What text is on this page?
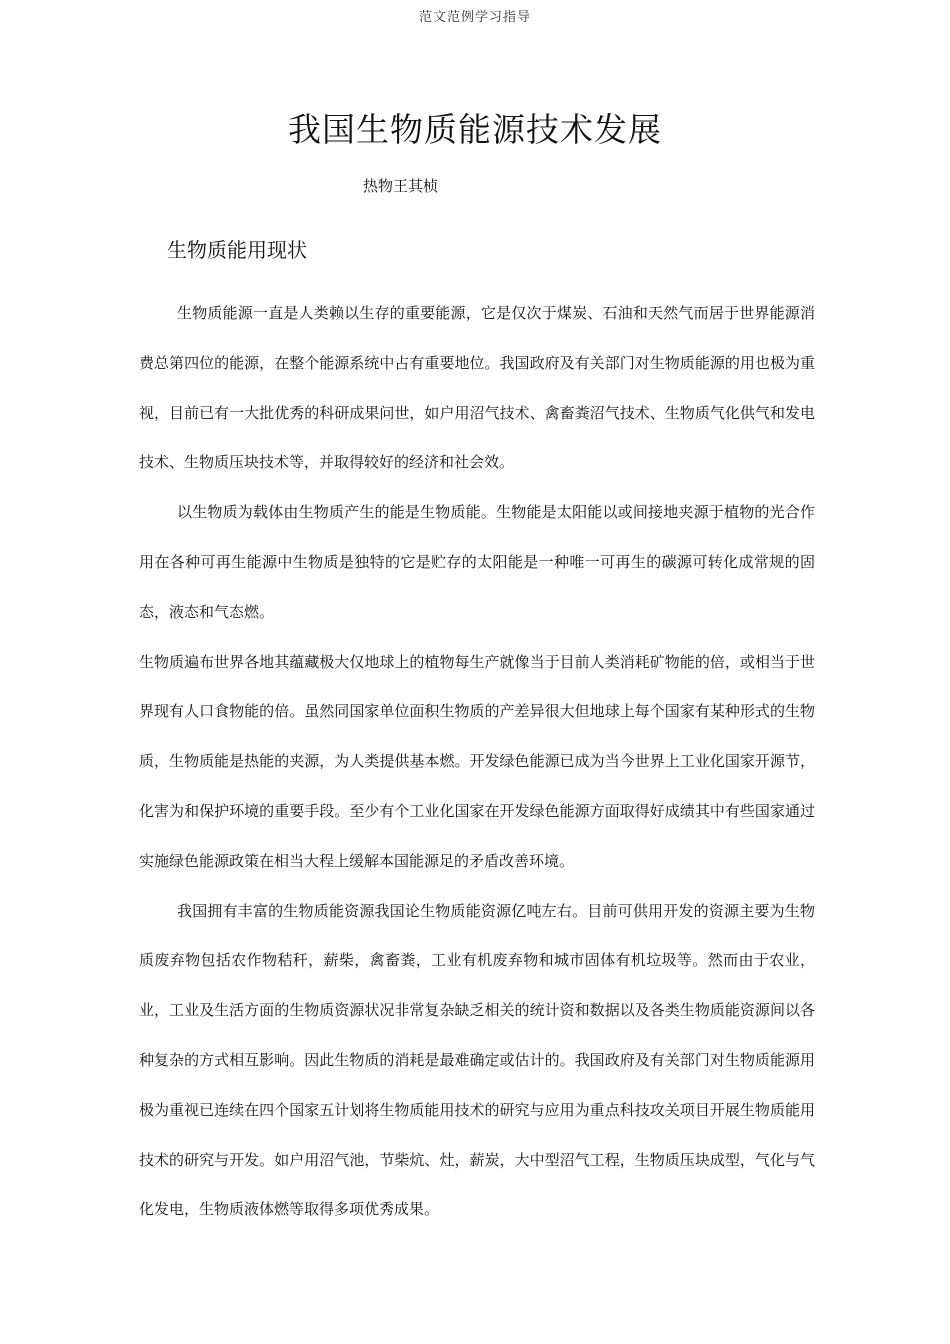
范文范例学习指导
我国生物质能源技术发展
热物王其桢
生物质能用现状

生物质能源一直是人类赖以生存的重要能源，它是仅次于煤炭、石油和天然气而居于世界能源消费总第四位的能源，在整个能源系统中占有重要地位。我国政府及有关部门对生物质能源的用也极为重视，目前已有一大批优秀的科研成果问世，如户用沼气技术、禽畜粪沼气技术、生物质气化供气和发电技术、生物质压块技术等，并取得较好的经济和社会效。

以生物质为载体由生物质产生的能是生物质能。生物能是太阳能以或间接地夹源于植物的光合作用在各种可再生能源中生物质是独特的它是贮存的太阳能是一种唯一可再生的碳源可转化成常规的固态，液态和气态燃。

生物质遍布世界各地其蕴藏极大仅地球上的植物每生产就像当于目前人类消耗矿物能的倍，或相当于世界现有人口食物能的倍。虽然同国家单位面积生物质的产差异很大但地球上每个国家有某种形式的生物质，生物质能是热能的夹源，为人类提供基本燃。开发绿色能源已成为当今世界上工业化国家开源节，化害为和保护环境的重要手段。至少有个工业化国家在开发绿色能源方面取得好成绩其中有些国家通过实施绿色能源政策在相当大程上缓解本国能源足的矛盾改善环境。

我国拥有丰富的生物质能资源我国论生物质能资源亿吨左右。目前可供用开发的资源主要为生物质废弃物包括农作物秸秆，薪柴，禽畜粪，工业有机废弃物和城市固体有机垃圾等。然而由于农业，业，工业及生活方面的生物质资源状况非常复杂缺乏相关的统计资和数据以及各类生物质能资源间以各种复杂的方式相互影响。因此生物质的消耗是最难确定或估计的。我国政府及有关部门对生物质能源用极为重视已连续在四个国家五计划将生物质能用技术的研究与应用为重点科技攻关项目开展生物质能用技术的研究与开发。如户用沼气池，节柴炕、灶，薪炭，大中型沼气工程，生物质压块成型，气化与气化发电，生物质液体燃等取得多项优秀成果。
